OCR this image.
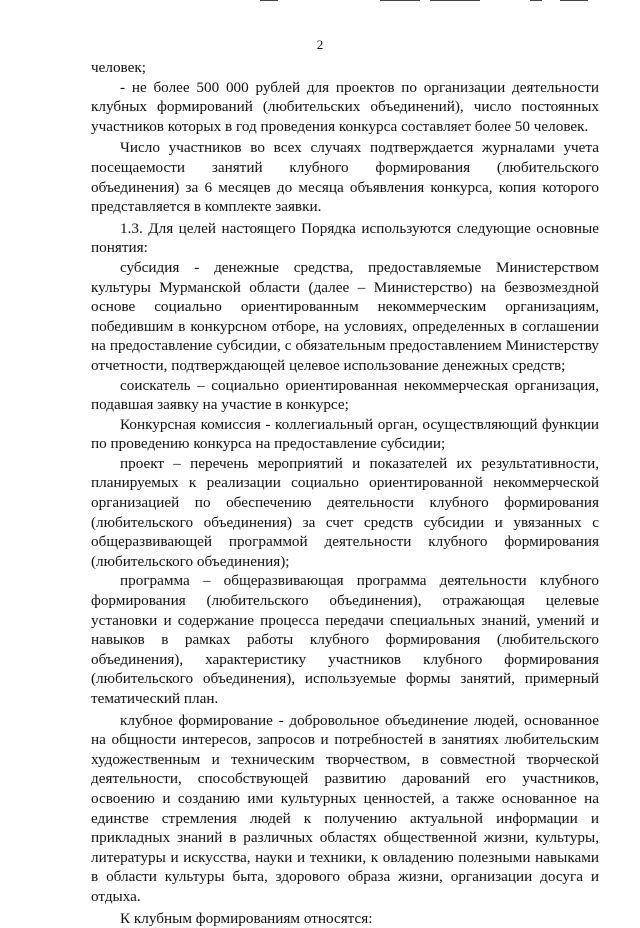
2

человек;

- не более 500 000 рублей для проектов по организации деятельности клубных формирований (любительских объединений), число постоянных участников которых в год проведения конкурса составляет более 50 человек.

Число участников во всех случаях подтверждается журналами учета посещаемости занятий клубного формирования (любительского объединения) за 6 месяцев до месяца объявления конкурса, копия которого представляется в комплекте заявки.

1.3. Для целей настоящего Порядка используются следующие основные понятия:

субсидия - денежные средства, предоставляемые Министерством культуры Мурманской области (далее – Министерство) на безвозмездной основе социально ориентированным некоммерческим организациям, победившим в конкурсном отборе, на условиях, определенных в соглашении на предоставление субсидии, с обязательным предоставлением Министерству отчетности, подтверждающей целевое использование денежных средств;

соискатель – социально ориентированная некоммерческая организация, подавшая заявку на участие в конкурсе;

Конкурсная комиссия - коллегиальный орган, осуществляющий функции по проведению конкурса на предоставление субсидии;

проект – перечень мероприятий и показателей их результативности, планируемых к реализации социально ориентированной некоммерческой организацией по обеспечению деятельности клубного формирования (любительского объединения) за счет средств субсидии и увязанных с общеразвивающей программой деятельности клубного формирования (любительского объединения);

программа – общеразвивающая программа деятельности клубного формирования (любительского объединения), отражающая целевые установки и содержание процесса передачи специальных знаний, умений и навыков в рамках работы клубного формирования (любительского объединения), характеристику участников клубного формирования (любительского объединения), используемые формы занятий, примерный тематический план.

клубное формирование - добровольное объединение людей, основанное на общности интересов, запросов и потребностей в занятиях любительским художественным и техническим творчеством, в совместной творческой деятельности, способствующей развитию дарований его участников, освоению и созданию ими культурных ценностей, а также основанное на единстве стремления людей к получению актуальной информации и прикладных знаний в различных областях общественной жизни, культуры, литературы и искусства, науки и техники, к овладению полезными навыками в области культуры быта, здорового образа жизни, организации досуга и отдыха.

К клубным формированиям относятся:
